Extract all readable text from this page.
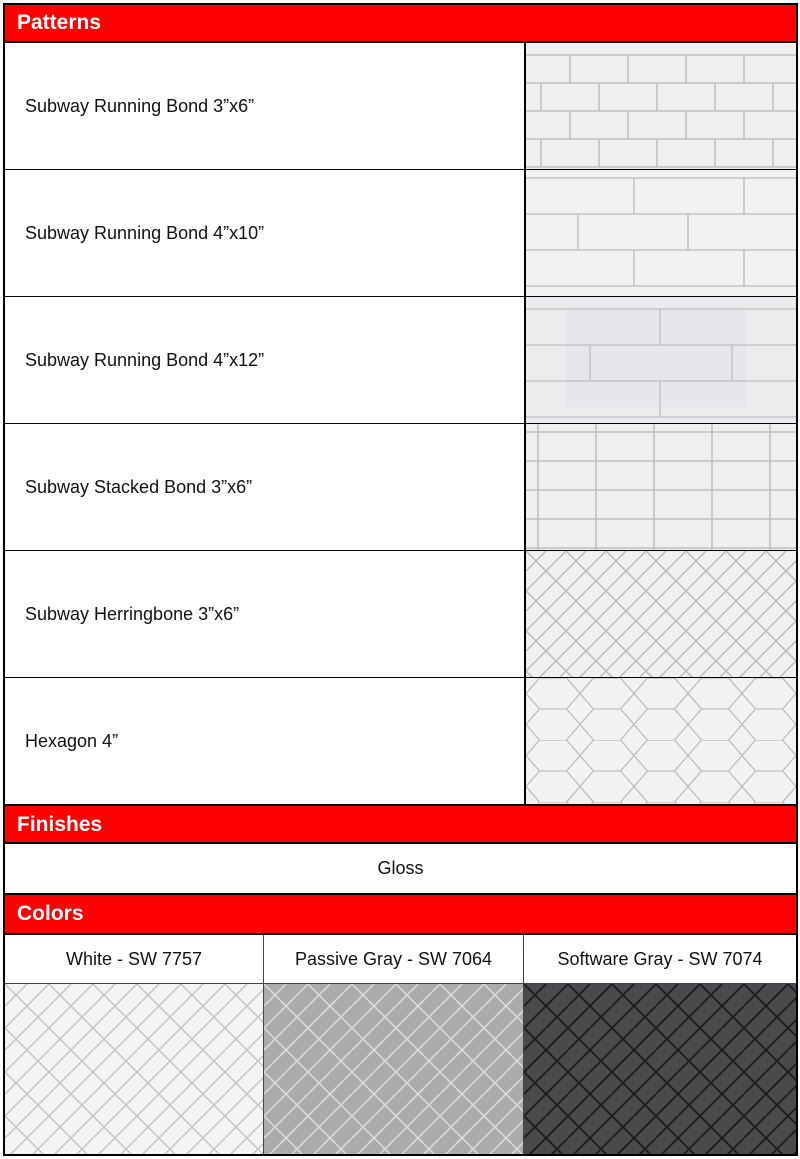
Patterns
Subway Running Bond 3”x6”
Subway Running Bond 4”x10”
Subway Running Bond 4”x12”
Subway Stacked Bond 3”x6”
Subway Herringbone 3”x6”
Hexagon 4”
Finishes
Gloss
Colors
White - SW 7757	Passive Gray - SW 7064	Software Gray - SW 7074
